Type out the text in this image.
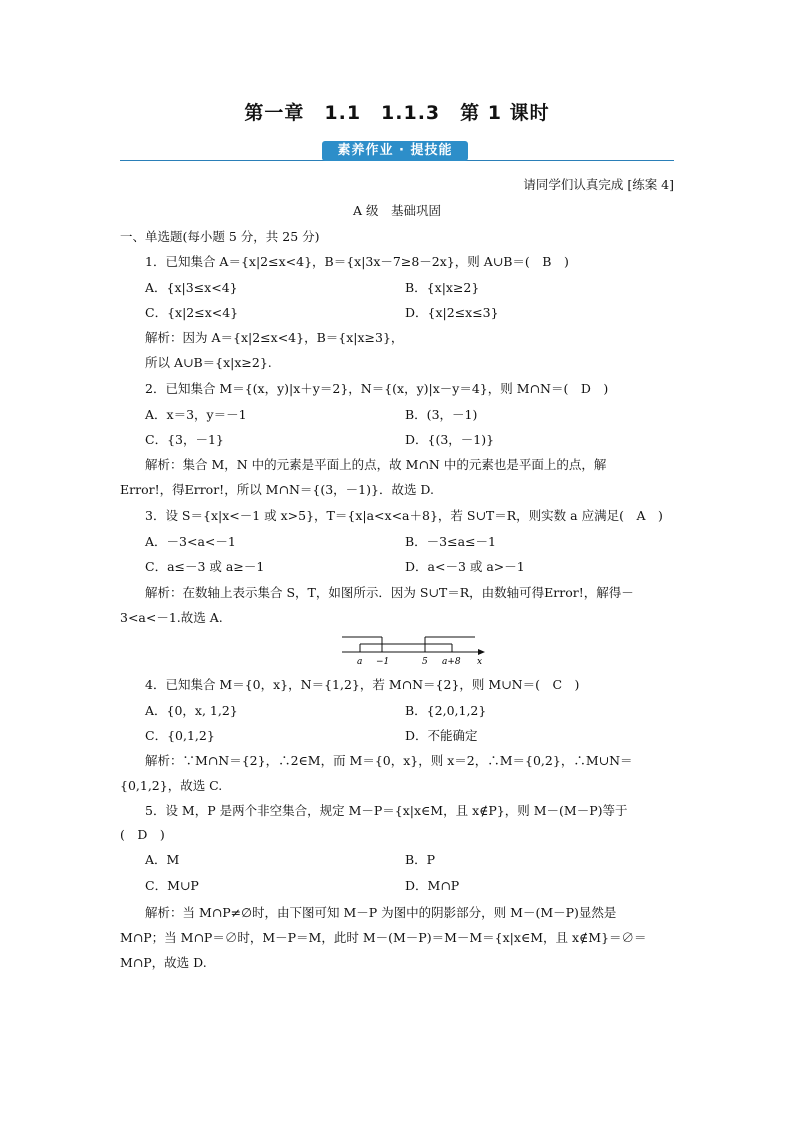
第一章　1.1　1.1.3　第 1 课时
素养作业 · 提技能
请同学们认真完成 [练案 4]
A 级　基础巩固
一、单选题(每小题 5 分，共 25 分)
1．已知集合 A＝{x|2≤x<4}，B＝{x|3x－7≥8－2x}，则 A∪B＝(　B　)
A．{x|3≤x<4}	B．{x|x≥2}
C．{x|2≤x<4}	D．{x|2≤x≤3}
解析：因为 A＝{x|2≤x<4}，B＝{x|x≥3}，
所以 A∪B＝{x|x≥2}.
2．已知集合 M＝{(x，y)|x＋y＝2}，N＝{(x，y)|x－y＝4}，则 M∩N＝(　D　)
A．x＝3，y＝－1	B．(3，－1)
C．{3，－1}	D．{(3，－1)}
解析：集合 M，N 中的元素是平面上的点，故 M∩N 中的元素也是平面上的点，解
Error!，得Error!，所以 M∩N＝{(3，－1)}．故选 D.
3．设 S＝{x|x<－1 或 x>5}，T＝{x|a<x<a＋8}，若 S∪T＝R，则实数 a 应满足(　A　)
A．－3<a<－1	B．－3≤a≤－1
C．a≤－3 或 a≥－1	D．a<－3 或 a>－1
解析：在数轴上表示集合 S，T，如图所示．因为 S∪T＝R，由数轴可得Error!，解得－
3<a<－1.故选 A.
a −1	5 a+8 x
4．已知集合 M＝{0，x}，N＝{1,2}，若 M∩N＝{2}，则 M∪N＝(　C　)
A．{0，x, 1,2}	B．{2,0,1,2}
C．{0,1,2}	D．不能确定
解析：∵M∩N＝{2}，∴2∈M，而 M＝{0，x}，则 x＝2，∴M＝{0,2}，∴M∪N＝
{0,1,2}，故选 C.
5．设 M，P 是两个非空集合，规定 M－P＝{x|x∈M，且 x∉P}，则 M－(M－P)等于
(　D　)
A．M	B．P
C．M∪P	D．M∩P
解析：当 M∩P≠∅时，由下图可知 M－P 为图中的阴影部分，则 M－(M－P)显然是
M∩P；当 M∩P＝∅时，M－P＝M，此时 M－(M－P)＝M－M＝{x|x∈M，且 x∉M}＝∅＝
M∩P，故选 D.
